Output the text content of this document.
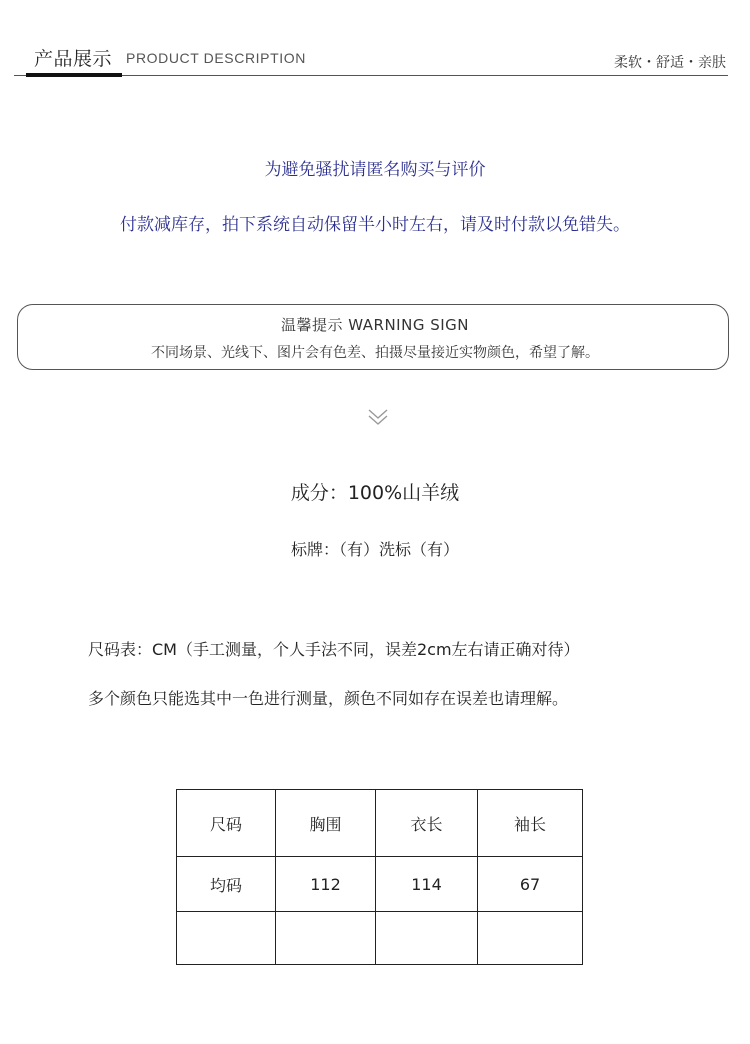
产品展示 PRODUCT DESCRIPTION	柔软・舒适・亲肤
为避免骚扰请匿名购买与评价
付款减库存，拍下系统自动保留半小时左右，请及时付款以免错失。
温馨提示 WARNING SIGN
不同场景、光线下、图片会有色差、拍摄尽量接近实物颜色，希望了解。
成分：100%山羊绒
标牌：（有）洗标（有）
尺码表：CM（手工测量，个人手法不同，误差2cm左右请正确对待）
多个颜色只能选其中一色进行测量，颜色不同如存在误差也请理解。
尺码	胸围	衣长	袖长
均码	112	114	67
